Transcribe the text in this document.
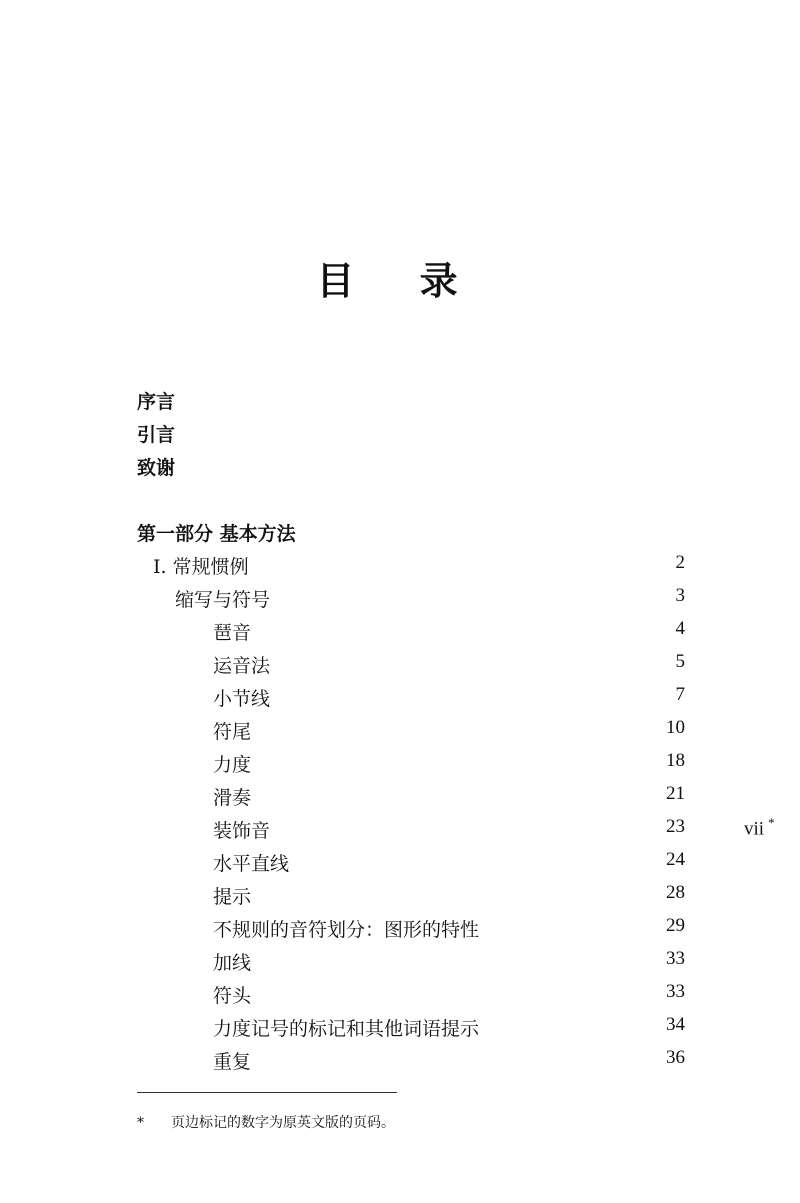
目 录
序言
引言
致谢
第一部分 基本方法
I. 常规惯例	2
缩写与符号	3
琶音	4
运音法	5
小节线	7
符尾	10
力度	18
滑奏	21
装饰音	23
水平直线	24
提示	28
不规则的音符划分：图形的特性	29
加线	33
符头	33
力度记号的标记和其他词语提示	34
重复	36
vii *
* 页边标记的数字为原英文版的页码。
